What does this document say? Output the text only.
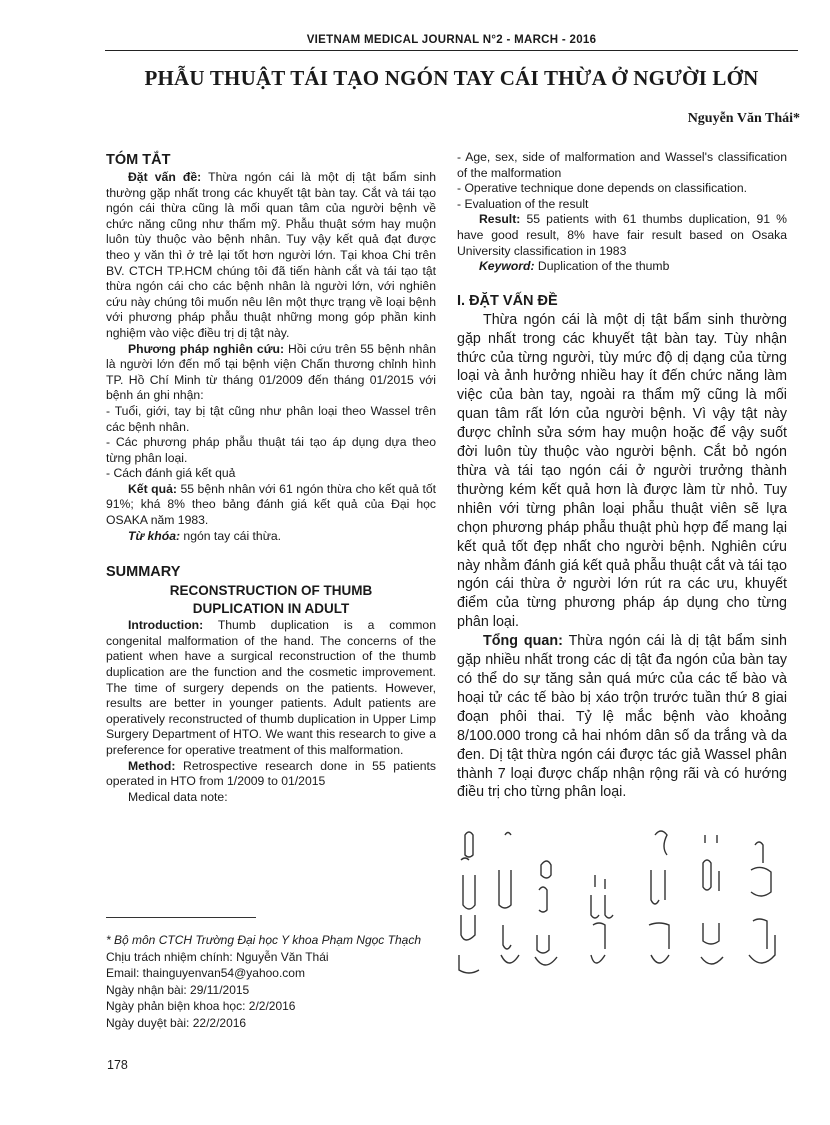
VIETNAM MEDICAL JOURNAL N°2 - MARCH - 2016
PHẪU THUẬT TÁI TẠO NGÓN TAY CÁI THỪA Ở NGƯỜI LỚN
Nguyễn Văn Thái*

TÓM TẮT

Đặt vấn đề: Thừa ngón cái là một dị tật bẩm sinh thường gặp nhất trong các khuyết tật bàn tay. Cắt và tái tạo ngón cái thừa cũng là mối quan tâm của người bệnh về chức năng cũng như thẩm mỹ. Phẫu thuật sớm hay muộn luôn tùy thuộc vào bệnh nhân. Tuy vậy kết quả đạt được theo y văn thì ở trẻ lại tốt hơn người lớn. Tại khoa Chi trên BV. CTCH TP.HCM chúng tôi đã tiến hành cắt và tái tạo tật thừa ngón cái cho các bệnh nhân là người lớn, với nghiên cứu này chúng tôi muốn nêu lên một thực trạng về loại bệnh với phương pháp phẫu thuật những mong góp phần kinh nghiệm vào việc điều trị dị tật này.

Phương pháp nghiên cứu: Hồi cứu trên 55 bệnh nhân là người lớn đến mổ tại bệnh viện Chấn thương chỉnh hình TP. Hồ Chí Minh từ tháng 01/2009 đến tháng 01/2015 với bệnh án ghi nhận:

- Tuổi, giới, tay bị tật cũng như phân loại theo Wassel trên các bệnh nhân.

- Các phương pháp phẫu thuật tái tạo áp dụng dựa theo từng phân loại.

- Cách đánh giá kết quả

Kết quả: 55 bệnh nhân với 61 ngón thừa cho kết quả tốt 91%; khá 8% theo bảng đánh giá kết quả của Đại học OSAKA năm 1983.

Từ khóa: ngón tay cái thừa.

SUMMARY

RECONSTRUCTION OF THUMB

DUPLICATION IN ADULT

Introduction: Thumb duplication is a common congenital malformation of the hand. The concerns of the patient when have a surgical reconstruction of the thumb duplication are the function and the cosmetic improvement. The time of surgery depends on the patients. However, results are better in younger patients. Adult patients are operatively reconstructed of thumb duplication in Upper Limp Surgery Department of HTO. We want this research to give a preference for operative treatment of this malformation.

Method: Retrospective research done in 55 patients operated in HTO from 1/2009 to 01/2015

Medical data note:

* Bộ môn CTCH Trường Đại học Y khoa Phạm Ngọc Thạch
Chịu trách nhiệm chính: Nguyễn Văn Thái
Email: thainguyenvan54@yahoo.com
Ngày nhận bài: 29/11/2015
Ngày phản biện khoa học: 2/2/2016
Ngày duyệt bài: 22/2/2016
178

- Age, sex, side of malformation and Wassel's classification of the malformation

- Operative technique done depends on classification.

- Evaluation of the result

Result: 55 patients with 61 thumbs duplication, 91 % have good result, 8% have fair result based on Osaka University classification in 1983

Keyword: Duplication of the thumb

I. ĐẶT VẤN ĐỀ

Thừa ngón cái là một dị tật bẩm sinh thường gặp nhất trong các khuyết tật bàn tay. Tùy nhận thức của từng người, tùy mức độ dị dạng của từng loại và ảnh hưởng nhiều hay ít đến chức năng làm việc của bàn tay, ngoài ra thẩm mỹ cũng là mối quan tâm rất lớn của người bệnh. Vì vậy tật này được chỉnh sửa sớm hay muộn hoặc để vậy suốt đời luôn tùy thuộc vào người bệnh. Cắt bỏ ngón thừa và tái tạo ngón cái ở người trưởng thành thường kém kết quả hơn là được làm từ nhỏ. Tuy nhiên với từng phân loại phẫu thuật viên sẽ lựa chọn phương pháp phẫu thuật phù hợp để mang lại kết quả tốt đẹp nhất cho người bệnh. Nghiên cứu này nhằm đánh giá kết quả phẫu thuật cắt và tái tạo ngón cái thừa ở người lớn rút ra các ưu, khuyết điểm của từng phương pháp áp dụng cho từng phân loại.

Tổng quan: Thừa ngón cái là dị tật bẩm sinh gặp nhiều nhất trong các dị tật đa ngón của bàn tay có thể do sự tăng sản quá mức của các tế bào và hoại tử các tế bào bị xáo trộn trước tuần thứ 8 giai đoạn phôi thai. Tỷ lệ mắc bệnh vào khoảng 8/100.000 trong cả hai nhóm dân số da trắng và da đen. Dị tật thừa ngón cái được tác giả Wassel phân thành 7 loại được chấp nhận rộng rãi và có hướng điều trị cho từng phân loại.
